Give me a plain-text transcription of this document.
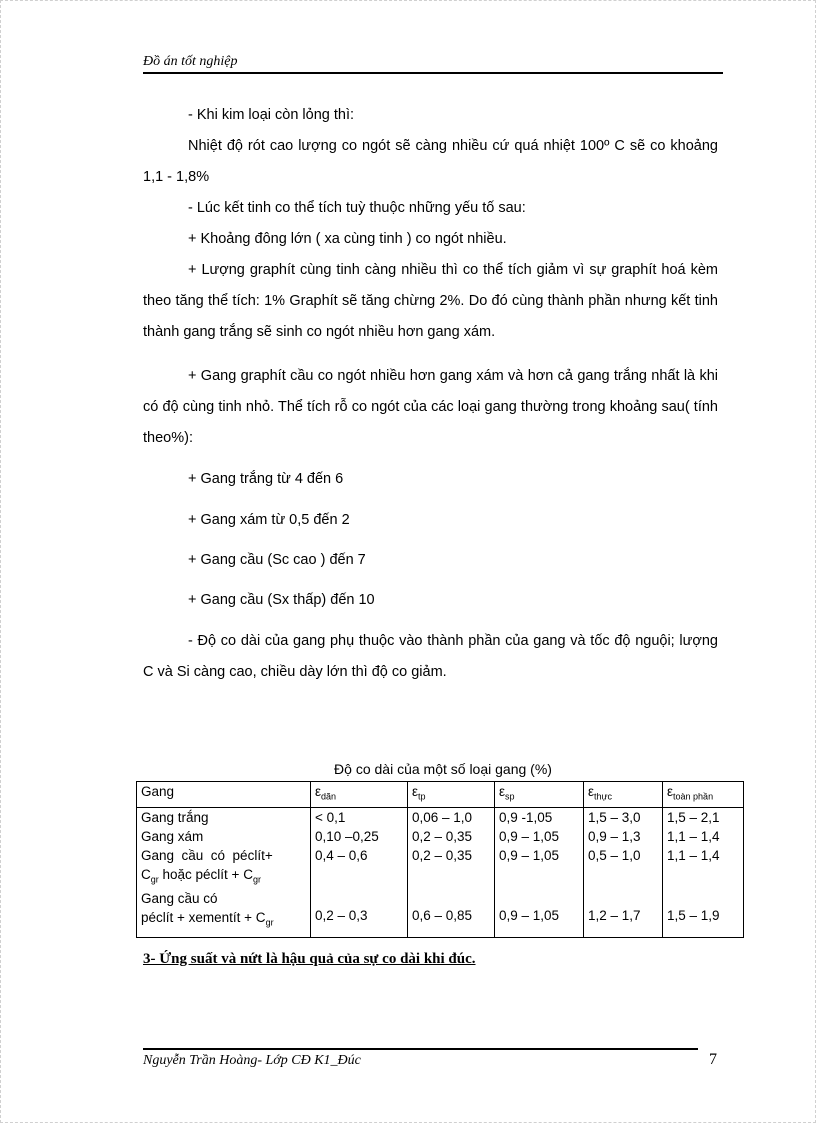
Đồ án tốt nghiệp

- Khi kim loại còn lỏng thì:

Nhiệt độ rót cao lượng co ngót sẽ càng nhiều cứ quá nhiệt 100º C sẽ co khoảng 1,1 - 1,8%

- Lúc kết tinh co thể tích tuỳ thuộc những yếu tố sau:

+ Khoảng đông lớn ( xa cùng tinh ) co ngót nhiều.

+ Lượng graphít cùng tinh càng nhiều thì co thể tích giảm vì sự graphít hoá kèm theo tăng thể tích: 1% Graphít sẽ tăng chừng 2%. Do đó cùng thành phần nhưng kết tinh thành gang trắng sẽ sinh co ngót nhiều hơn gang xám.

+ Gang graphít cầu co ngót nhiều hơn gang xám và hơn cả gang trắng nhất là khi có độ cùng tinh nhỏ. Thể tích rỗ co ngót của các loại gang thường trong khoảng sau( tính theo%):

+ Gang trắng từ 4 đến 6

+ Gang xám từ 0,5 đến 2

+ Gang cầu (Sc cao ) đến 7

+ Gang cầu (Sx thấp) đến 10

- Độ co dài của gang phụ thuộc vào thành phần của gang và tốc độ nguội; lượng C và Si càng cao, chiều dày lớn thì độ co giảm.

Độ co dài của một số loại gang (%)
Gang	$\varepsilon_{dãn}$	$\varepsilon_{tp}$	$\varepsilon_{sp}$	$\varepsilon_{thực}$	$\varepsilon_{toàn phần}$
Gang trắng	< 0,1	0,06 – 1,0	0,9 -1,05	1,5 – 3,0	1,5 – 2,1
Gang xám	0,10 –0,25	0,2 – 0,35	0,9 – 1,05	0,9 – 1,3	1,1 – 1,4

Gang  cầu  có  péclít+
$C_{gr}$ hoặc péclít + $C_{gr}$	0,4 – 0,6	0,2 – 0,35	0,9 – 1,05	0,5 – 1,0	1,1 – 1,4

Gang cầu có
péclít + xementít + $C_{gr}$	0,2 – 0,3	0,6 – 0,85	0,9 – 1,05	1,2 – 1,7	1,5 – 1,9
3- Ứng suất và nứt là hậu quả của sự co dài khi đúc.
Nguyễn Trần Hoàng- Lớp CĐ K1_Đúc	7
